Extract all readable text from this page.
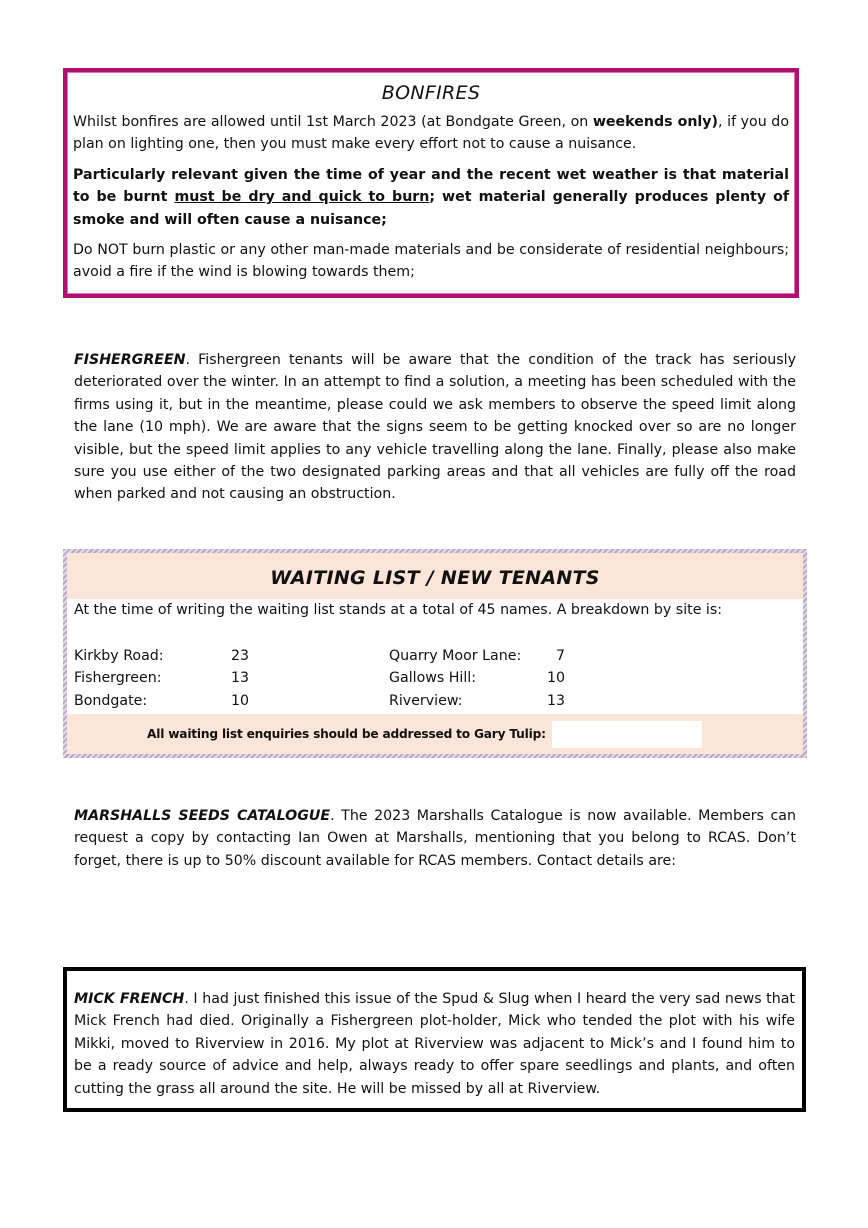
BONFIRES

Whilst bonfires are allowed until 1st March 2023 (at Bondgate Green, on weekends only), if you do plan on lighting one, then you must make every effort not to cause a nuisance.

Particularly relevant given the time of year and the recent wet weather is that material to be burnt must be dry and quick to burn; wet material generally produces plenty of smoke and will often cause a nuisance;

Do NOT burn plastic or any other man-made materials and be considerate of residential neighbours; avoid a fire if the wind is blowing towards them;

FISHERGREEN. Fishergreen tenants will be aware that the condition of the track has seriously deteriorated over the winter. In an attempt to find a solution, a meeting has been scheduled with the firms using it, but in the meantime, please could we ask members to observe the speed limit along the lane (10 mph). We are aware that the signs seem to be getting knocked over so are no longer visible, but the speed limit applies to any vehicle travelling along the lane. Finally, please also make sure you use either of the two designated parking areas and that all vehicles are fully off the road when parked and not causing an obstruction.

WAITING LIST / NEW TENANTS

At the time of writing the waiting list stands at a total of 45 names. A breakdown by site is:

Kirkby Road:	23	Quarry Moor Lane:	7
Fishergreen:	13	Gallows Hill:	10
Bondgate:	10	Riverview:	13
All waiting list enquiries should be addressed to Gary Tulip:

MARSHALLS SEEDS CATALOGUE. The 2023 Marshalls Catalogue is now available. Members can request a copy by contacting Ian Owen at Marshalls, mentioning that you belong to RCAS. Don’t forget, there is up to 50% discount available for RCAS members. Contact details are:

MICK FRENCH. I had just finished this issue of the Spud & Slug when I heard the very sad news that Mick French had died. Originally a Fishergreen plot-holder, Mick who tended the plot with his wife Mikki, moved to Riverview in 2016. My plot at Riverview was adjacent to Mick’s and I found him to be a ready source of advice and help, always ready to offer spare seedlings and plants, and often cutting the grass all around the site. He will be missed by all at Riverview.
